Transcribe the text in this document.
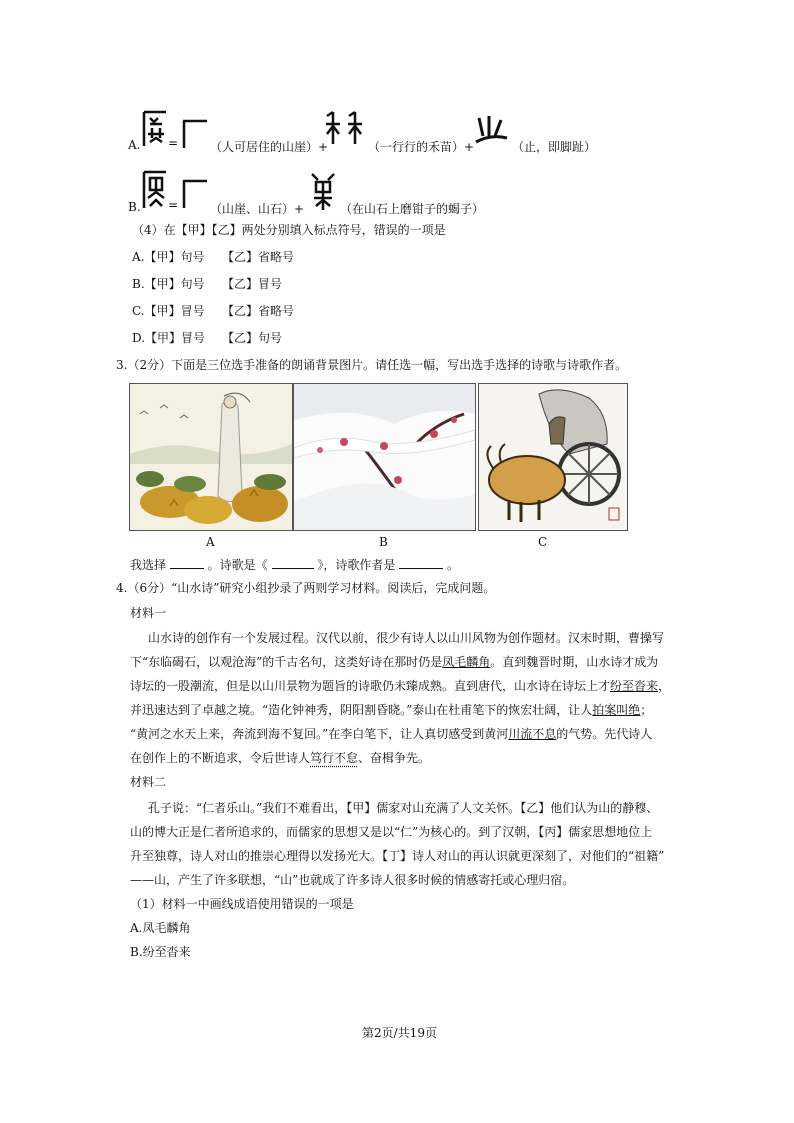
A. =	（人可居住的山崖）+	（一行行的禾苗）+	（止，即脚趾）
B. =	（山崖、山石）+	（在山石上磨钳子的蝎子）
（4）在【甲】【乙】两处分别填入标点符号，错误的一项是
A.【甲】句号 【乙】省略号
B.【甲】句号 【乙】冒号
C.【甲】冒号 【乙】省略号
D.【甲】冒号 【乙】句号
3.（2分）下面是三位选手准备的朗诵背景图片。请任选一幅，写出选手选择的诗歌与诗歌作者。
A	B	C
我选择	。诗歌是《	》，诗歌作者是	。
4.（6分）“山水诗”研究小组抄录了两则学习材料。阅读后，完成问题。
材料一
山水诗的创作有一个发展过程。汉代以前，很少有诗人以山川风物为创作题材。汉末时期，曹操写
下“东临碣石，以观沧海”的千古名句，这类好诗在那时仍是凤毛麟角。直到魏晋时期，山水诗才成为
诗坛的一股潮流，但是以山川景物为题旨的诗歌仍未臻成熟。直到唐代，山水诗在诗坛上才纷至沓来，
并迅速达到了卓越之境。“造化钟神秀，阴阳割昏晓。”泰山在杜甫笔下的恢宏壮阔，让人拍案叫绝；
“黄河之水天上来，奔流到海不复回。”在李白笔下，让人真切感受到黄河川流不息的气势。先代诗人
在创作上的不断追求，令后世诗人笃行不怠、奋楫争先。
材料二
孔子说：“仁者乐山。”我们不难看出，【甲】儒家对山充满了人文关怀。【乙】他们认为山的静穆、
山的博大正是仁者所追求的，而儒家的思想又是以“仁”为核心的。到了汉朝，【丙】儒家思想地位上
升至独尊，诗人对山的推崇心理得以发扬光大。【丁】诗人对山的再认识就更深刻了，对他们的“祖籍”
——山，产生了许多联想，“山”也就成了许多诗人很多时候的情感寄托或心理归宿。
（1）材料一中画线成语使用错误的一项是
A.凤毛麟角
B.纷至沓来
第2页/共19页
